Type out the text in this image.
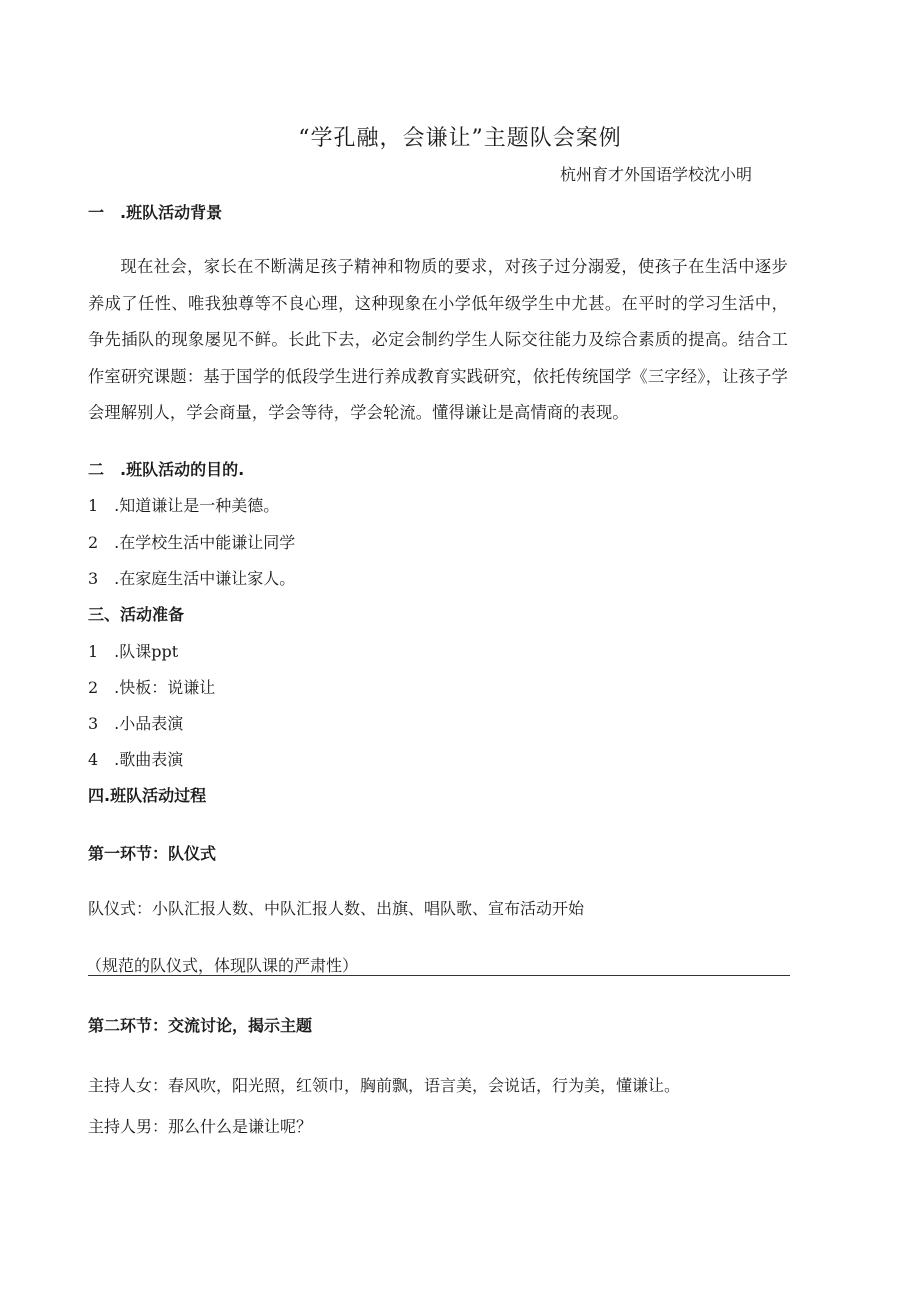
“学孔融，会谦让”主题队会案例
杭州育才外国语学校沈小明
一　.班队活动背景
现在社会，家长在不断满足孩子精神和物质的要求，对孩子过分溺爱，使孩子在生活中逐步养成了任性、唯我独尊等不良心理，这种现象在小学低年级学生中尤甚。在平时的学习生活中，争先插队的现象屡见不鲜。长此下去，必定会制约学生人际交往能力及综合素质的提高。结合工作室研究课题：基于国学的低段学生进行养成教育实践研究，依托传统国学《三字经》，让孩子学会理解别人，学会商量，学会等待，学会轮流。懂得谦让是高情商的表现。
二　.班队活动的目的.
1　.知道谦让是一种美德。
2　.在学校生活中能谦让同学
3　.在家庭生活中谦让家人。
三、活动准备
1　.队课ppt
2　.快板：说谦让
3　.小品表演
4　.歌曲表演
四.班队活动过程
第一环节：队仪式
队仪式：小队汇报人数、中队汇报人数、出旗、唱队歌、宣布活动开始
（规范的队仪式，体现队课的严肃性）
第二环节：交流讨论，揭示主题
主持人女：春风吹，阳光照，红领巾，胸前飘，语言美，会说话，行为美，懂谦让。
主持人男：那么什么是谦让呢？
